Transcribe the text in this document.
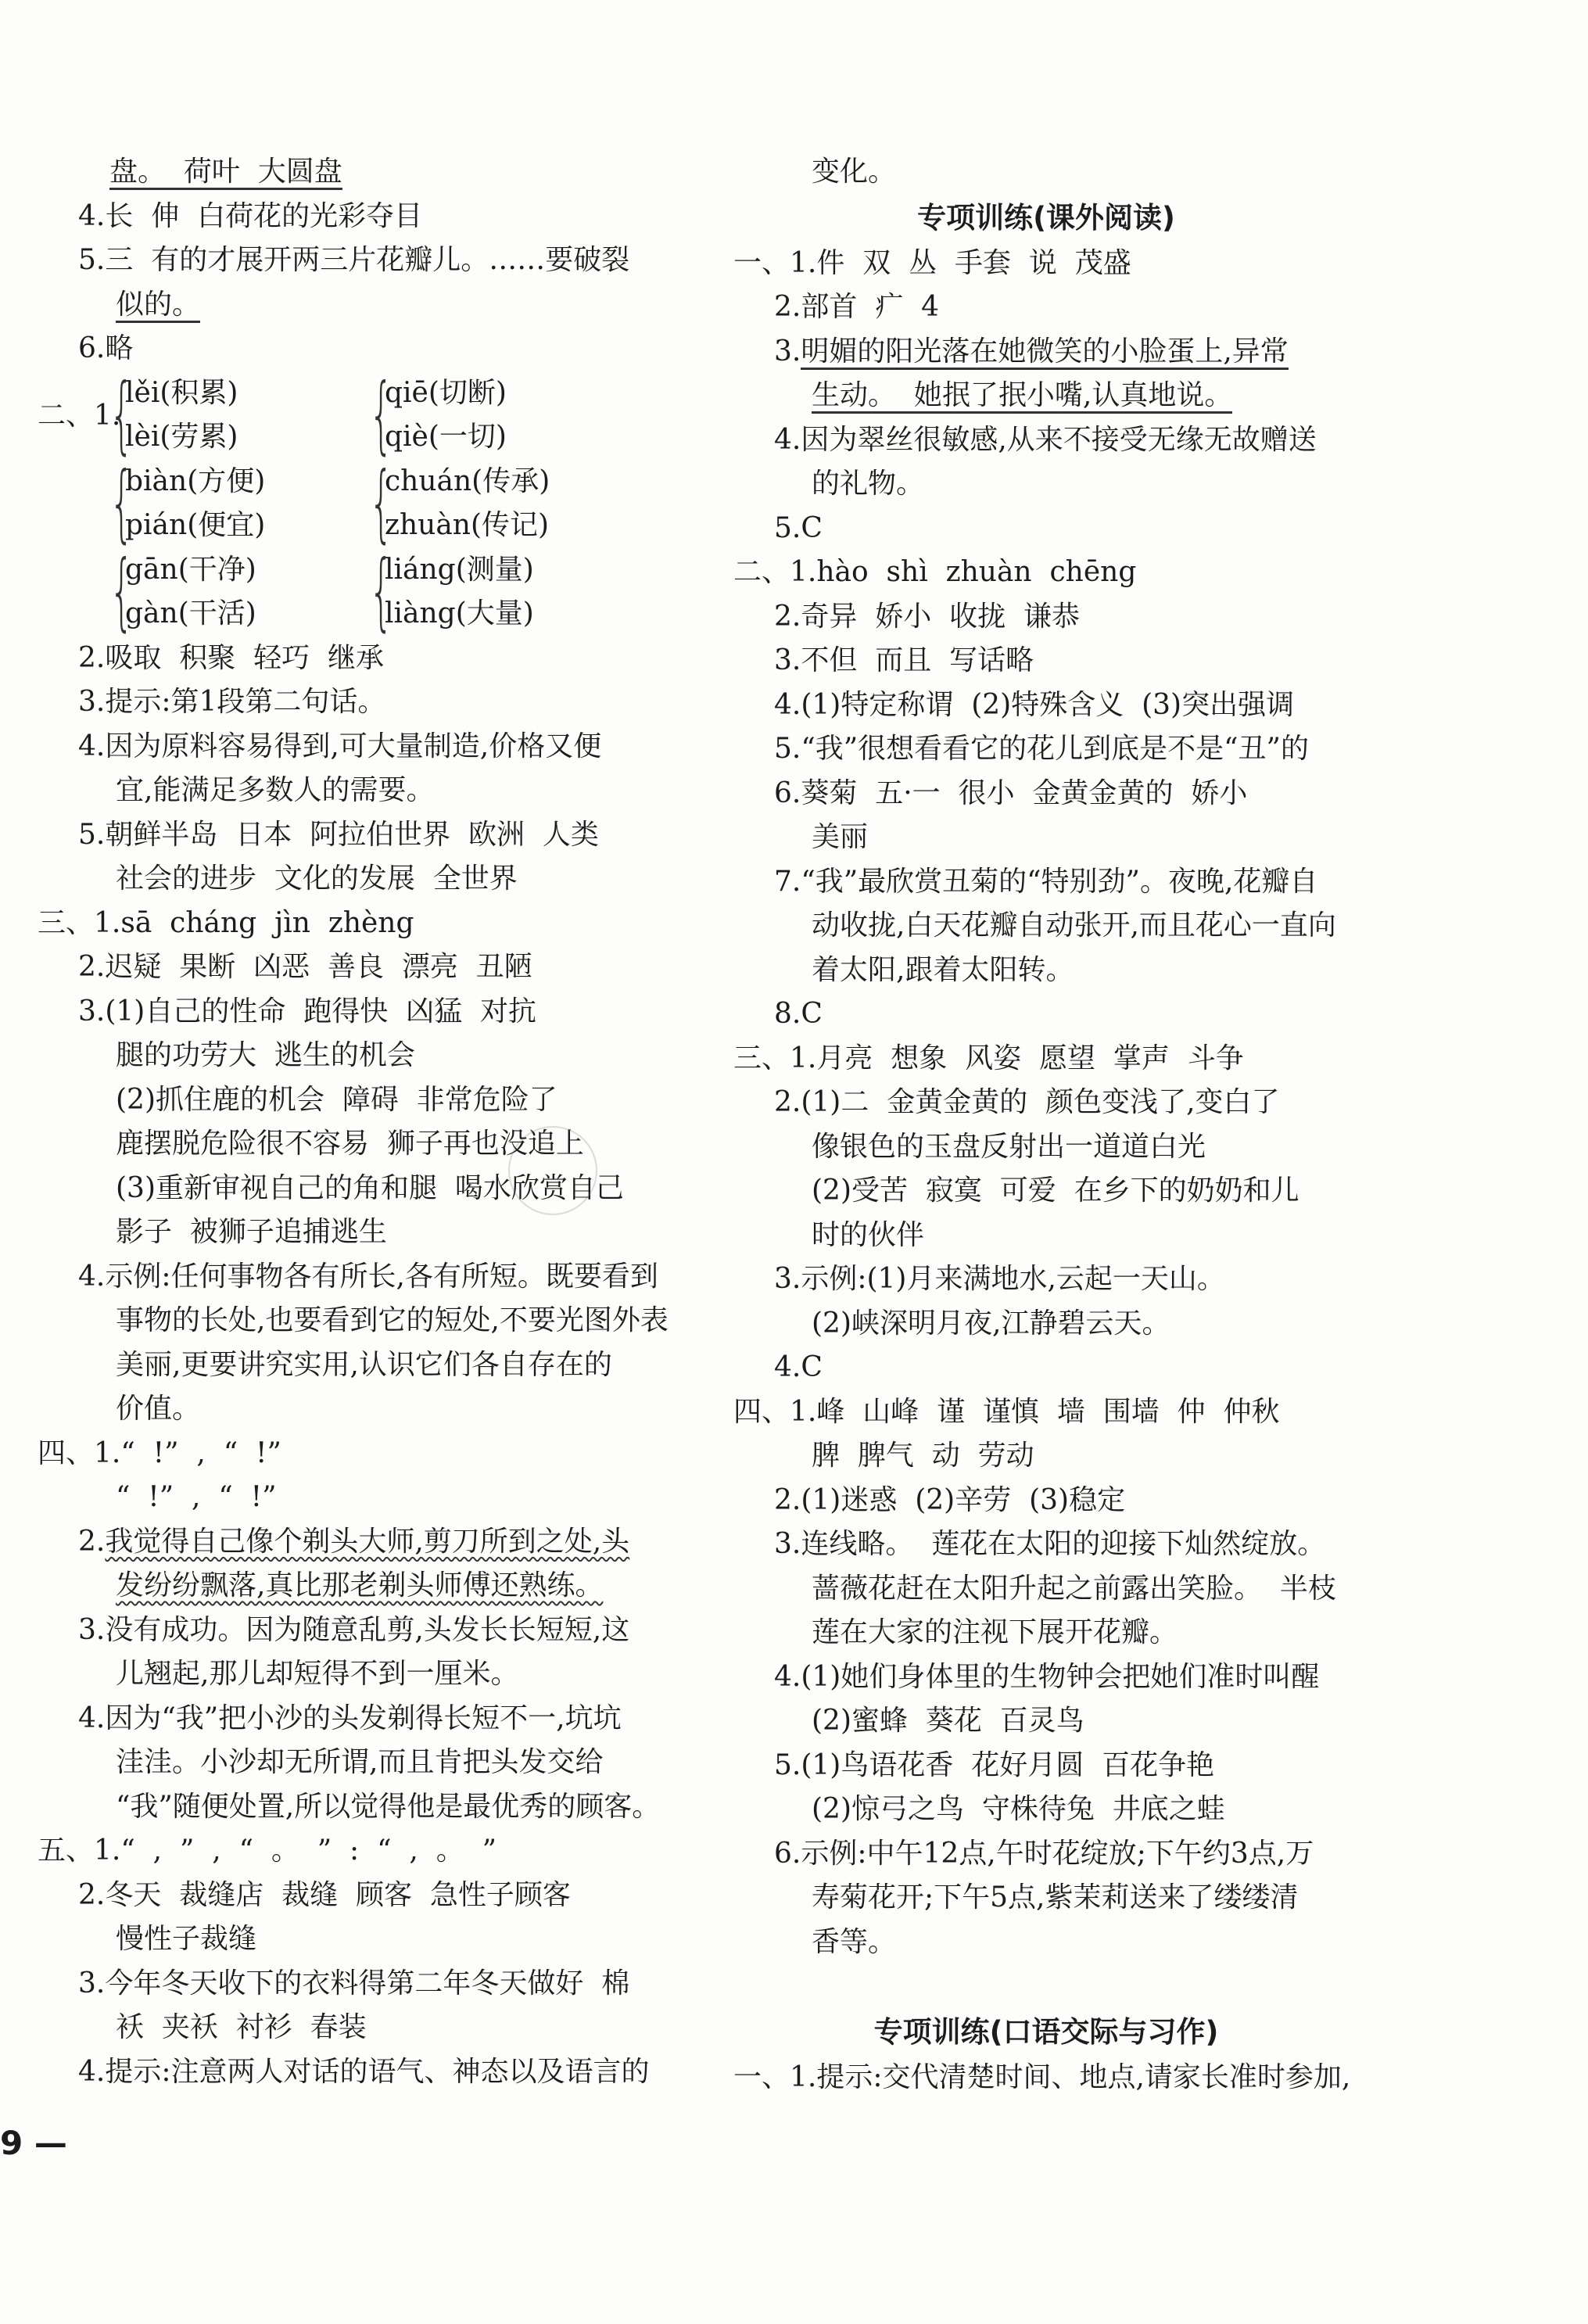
盘。  荷叶  大圆盘
4.长  伸  白荷花的光彩夺目
5.三  有的才展开两三片花瓣儿。……要破裂
似的。
6.略
二、1.
{
lěi(积累)
lèi(劳累) {
qiē(切断)
qiè(一切)
{
biàn(方便)
pián(便宜) {
chuán(传承)
zhuàn(传记)
{
gān(干净)
gàn(干活) {
liáng(测量)
liàng(大量)
2.吸取  积聚  轻巧  继承
3.提示:第1段第二句话。
4.因为原料容易得到,可大量制造,价格又便
宜,能满足多数人的需要。
5.朝鲜半岛  日本  阿拉伯世界  欧洲  人类
社会的进步  文化的发展  全世界
三、1.sā  cháng  jìn  zhèng
2.迟疑  果断  凶恶  善良  漂亮  丑陋
3.(1)自己的性命  跑得快  凶猛  对抗
腿的功劳大  逃生的机会
(2)抓住鹿的机会  障碍  非常危险了
鹿摆脱危险很不容易  狮子再也没追上
(3)重新审视自己的角和腿  喝水欣赏自己
影子  被狮子追捕逃生
4.示例:任何事物各有所长,各有所短。既要看到
事物的长处,也要看到它的短处,不要光图外表
美丽,更要讲究实用,认识它们各自存在的
价值。
四、1.“  !”  ,  “  !”
“  !”  ,  “  !”
2.我觉得自己像个剃头大师,剪刀所到之处,头
发纷纷飘落,真比那老剃头师傅还熟练。
3.没有成功。因为随意乱剪,头发长长短短,这
儿翘起,那儿却短得不到一厘米。
4.因为“我”把小沙的头发剃得长短不一,坑坑
洼洼。小沙却无所谓,而且肯把头发交给
“我”随便处置,所以觉得他是最优秀的顾客。
五、1.“  ,  ”  ,  “  。  ”  :  “  ,  。  ”
2.冬天  裁缝店  裁缝  顾客  急性子顾客
慢性子裁缝
3.今年冬天收下的衣料得第二年冬天做好  棉
袄  夹袄  衬衫  春装
4.提示:注意两人对话的语气、神态以及语言的
变化。
专项训练(课外阅读)
一、1.件  双  丛  手套  说  茂盛
2.部首  疒  4
3.明媚的阳光落在她微笑的小脸蛋上,异常
生动。  她抿了抿小嘴,认真地说。
4.因为翠丝很敏感,从来不接受无缘无故赠送
的礼物。
5.C
二、1.hào  shì  zhuàn  chēng
2.奇异  娇小  收拢  谦恭
3.不但  而且  写话略
4.(1)特定称谓  (2)特殊含义  (3)突出强调
5.“我”很想看看它的花儿到底是不是“丑”的
6.葵菊  五·一  很小  金黄金黄的  娇小
美丽
7.“我”最欣赏丑菊的“特别劲”。夜晚,花瓣自
动收拢,白天花瓣自动张开,而且花心一直向
着太阳,跟着太阳转。
8.C
三、1.月亮  想象  风姿  愿望  掌声  斗争
2.(1)二  金黄金黄的  颜色变浅了,变白了
像银色的玉盘反射出一道道白光
(2)受苦  寂寞  可爱  在乡下的奶奶和儿
时的伙伴
3.示例:(1)月来满地水,云起一天山。
(2)峡深明月夜,江静碧云天。
4.C
四、1.峰  山峰  谨  谨慎  墙  围墙  仲  仲秋
脾  脾气  动  劳动
2.(1)迷惑  (2)辛劳  (3)稳定
3.连线略。  莲花在太阳的迎接下灿然绽放。
蔷薇花赶在太阳升起之前露出笑脸。  半枝
莲在大家的注视下展开花瓣。
4.(1)她们身体里的生物钟会把她们准时叫醒
(2)蜜蜂  葵花  百灵鸟
5.(1)鸟语花香  花好月圆  百花争艳
(2)惊弓之鸟  守株待兔  井底之蛙
6.示例:中午12点,午时花绽放;下午约3点,万
寿菊花开;下午5点,紫茉莉送来了缕缕清
香等。
专项训练(口语交际与习作)
一、1.提示:交代清楚时间、地点,请家长准时参加,
9 —
